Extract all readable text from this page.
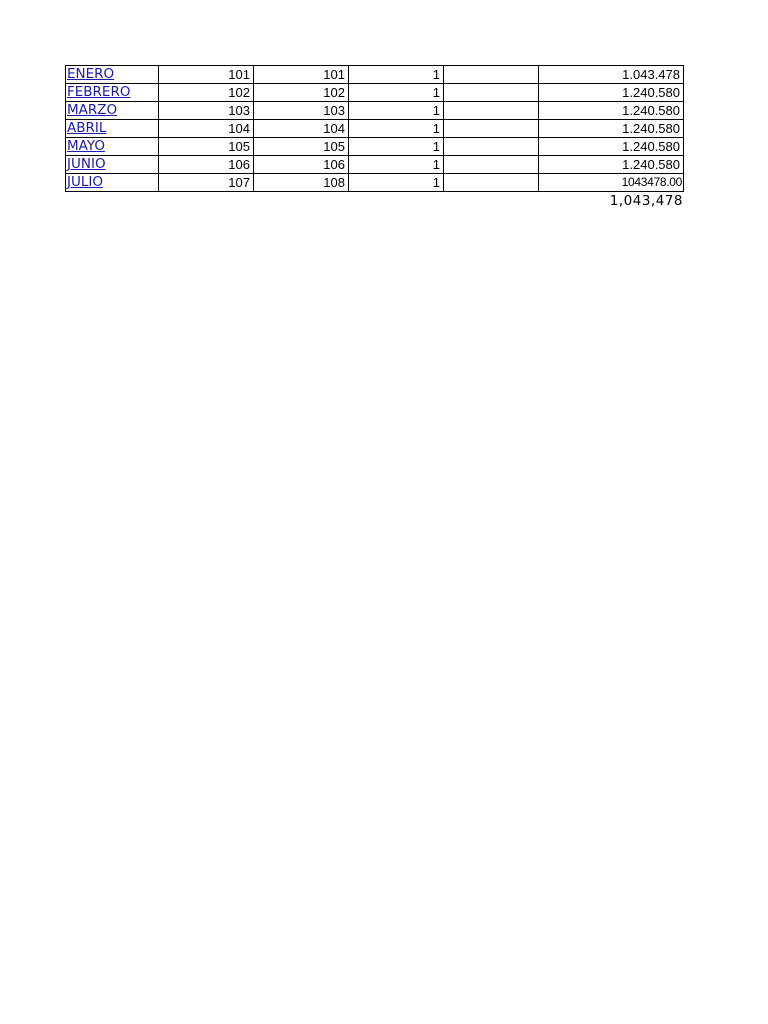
ENERO	101	101	1		1.043.478
FEBRERO	102	102	1		1.240.580
MARZO	103	103	1		1.240.580
ABRIL	104	104	1		1.240.580
MAYO	105	105	1		1.240.580
JUNIO	106	106	1		1.240.580
JULIO	107	108	1		1043478.00
1,043,478
